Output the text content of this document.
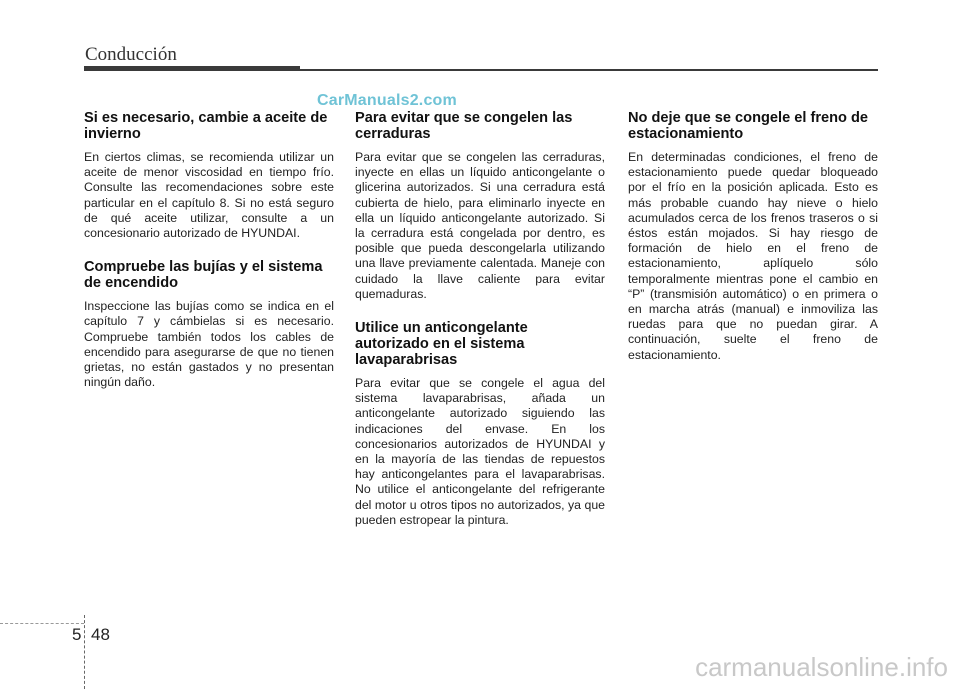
Conducción
CarManuals2.com
Si es necesario, cambie a aceite de invierno

En ciertos climas, se recomienda utilizar un aceite de menor viscosidad en tiempo frío. Consulte las recomendaciones sobre este particular en el capítulo 8. Si no está seguro de qué aceite utilizar, consulte a un concesionario autorizado de HYUNDAI.

Compruebe las bujías y el sistema de encendido

Inspeccione las bujías como se indica en el capítulo 7 y cámbielas si es necesario. Compruebe también todos los cables de encendido para asegurarse de que no tienen grietas, no están gastados y no presentan ningún daño.

Para evitar que se congelen las cerraduras

Para evitar que se congelen las cerraduras, inyecte en ellas un líquido anticongelante o glicerina autorizados. Si una cerradura está cubierta de hielo, para eliminarlo inyecte en ella un líquido anticongelante autorizado. Si la cerradura está congelada por dentro, es posible que pueda descongelarla utilizando una llave previamente calentada. Maneje con cuidado la llave caliente para evitar quemaduras.

Utilice un anticongelante autorizado en el sistema lavaparabrisas

Para evitar que se congele el agua del sistema lavaparabrisas, añada un anticongelante autorizado siguiendo las indicaciones del envase. En los concesionarios autorizados de HYUNDAI y en la mayoría de las tiendas de repuestos hay anticongelantes para el lavaparabrisas. No utilice el anticongelante del refrigerante del motor u otros tipos no autorizados, ya que pueden estropear la pintura.

No deje que se congele el freno de estacionamiento

En determinadas condiciones, el freno de estacionamiento puede quedar bloqueado por el frío en la posición aplicada. Esto es más probable cuando hay nieve o hielo acumulados cerca de los frenos traseros o si éstos están mojados. Si hay riesgo de formación de hielo en el freno de estacionamiento, aplíquelo sólo temporalmente mientras pone el cambio en “P” (transmisión automático) o en primera o en marcha atrás (manual) e inmoviliza las ruedas para que no puedan girar. A continuación, suelte el freno de estacionamiento.

5 48
carmanualsonline.info
